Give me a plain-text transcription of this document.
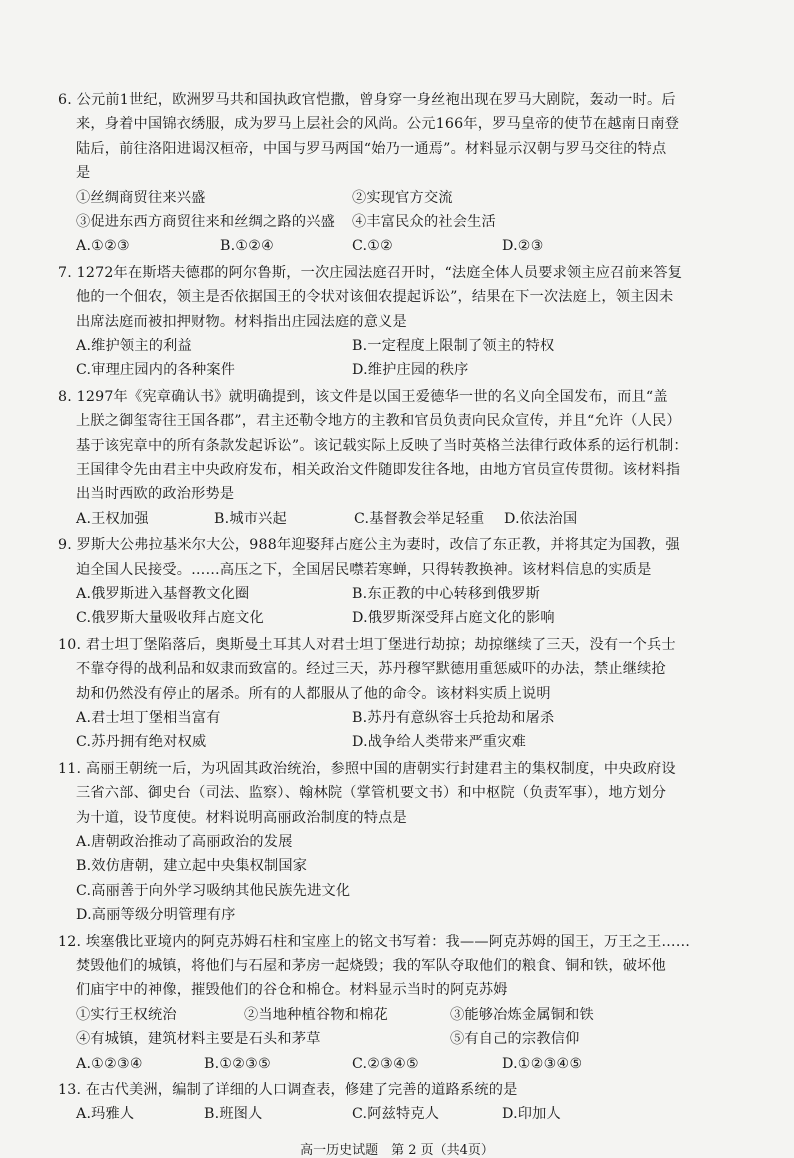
6. 公元前1世纪，欧洲罗马共和国执政官恺撒，曾身穿一身丝袍出现在罗马大剧院，轰动一时。后
来，身着中国锦衣绣服，成为罗马上层社会的风尚。公元166年，罗马皇帝的使节在越南日南登
陆后，前往洛阳进谒汉桓帝，中国与罗马两国“始乃一通焉”。材料显示汉朝与罗马交往的特点
是
①丝绸商贸往来兴盛	②实现官方交流
③促进东西方商贸往来和丝绸之路的兴盛 ④丰富民众的社会生活
A.①②③	B.①②④	C.①②	D.②③
7. 1272年在斯塔夫德郡的阿尔鲁斯，一次庄园法庭召开时，“法庭全体人员要求领主应召前来答复
他的一个佃农，领主是否依据国王的令状对该佃农提起诉讼”，结果在下一次法庭上，领主因未
出席法庭而被扣押财物。材料指出庄园法庭的意义是
A.维护领主的利益	B.一定程度上限制了领主的特权
C.审理庄园内的各种案件	D.维护庄园的秩序
8. 1297年《宪章确认书》就明确提到，该文件是以国王爱德华一世的名义向全国发布，而且“盖
上朕之御玺寄往王国各郡”，君主还勒令地方的主教和官员负责向民众宣传，并且“允许（人民）
基于该宪章中的所有条款发起诉讼”。该记载实际上反映了当时英格兰法律行政体系的运行机制：
王国律令先由君主中央政府发布，相关政治文件随即发往各地，由地方官员宣传贯彻。该材料指
出当时西欧的政治形势是
A.王权加强	B.城市兴起	C.基督教会举足轻重 D.依法治国
9. 罗斯大公弗拉基米尔大公，988年迎娶拜占庭公主为妻时，改信了东正教，并将其定为国教，强
迫全国人民接受。……高压之下，全国居民噤若寒蝉，只得转教换神。该材料信息的实质是
A.俄罗斯进入基督教文化圈	B.东正教的中心转移到俄罗斯
C.俄罗斯大量吸收拜占庭文化	D.俄罗斯深受拜占庭文化的影响
10. 君士坦丁堡陷落后，奥斯曼土耳其人对君士坦丁堡进行劫掠；劫掠继续了三天，没有一个兵士
不靠夺得的战利品和奴隶而致富的。经过三天，苏丹穆罕默德用重惩威吓的办法，禁止继续抢
劫和仍然没有停止的屠杀。所有的人都服从了他的命令。该材料实质上说明
A.君士坦丁堡相当富有	B.苏丹有意纵容士兵抢劫和屠杀
C.苏丹拥有绝对权威	D.战争给人类带来严重灾难
11. 高丽王朝统一后，为巩固其政治统治，参照中国的唐朝实行封建君主的集权制度，中央政府设
三省六部、御史台（司法、监察）、翰林院（掌管机要文书）和中枢院（负责军事），地方划分
为十道，设节度使。材料说明高丽政治制度的特点是
A.唐朝政治推动了高丽政治的发展
B.效仿唐朝，建立起中央集权制国家
C.高丽善于向外学习吸纳其他民族先进文化
D.高丽等级分明管理有序
12. 埃塞俄比亚境内的阿克苏姆石柱和宝座上的铭文书写着：我——阿克苏姆的国王，万王之王……
焚毁他们的城镇，将他们与石屋和茅房一起烧毁；我的军队夺取他们的粮食、铜和铁，破坏他
们庙宇中的神像，摧毁他们的谷仓和棉仓。材料显示当时的阿克苏姆
①实行王权统治	②当地种植谷物和棉花	③能够冶炼金属铜和铁
④有城镇，建筑材料主要是石头和茅草	⑤有自己的宗教信仰
A.①②③④	B.①②③⑤	C.②③④⑤	D.①②③④⑤
13. 在古代美洲，编制了详细的人口调查表，修建了完善的道路系统的是
A.玛雅人	B.班图人	C.阿兹特克人	D.印加人
高一历史试题　第 2 页（共4页）
